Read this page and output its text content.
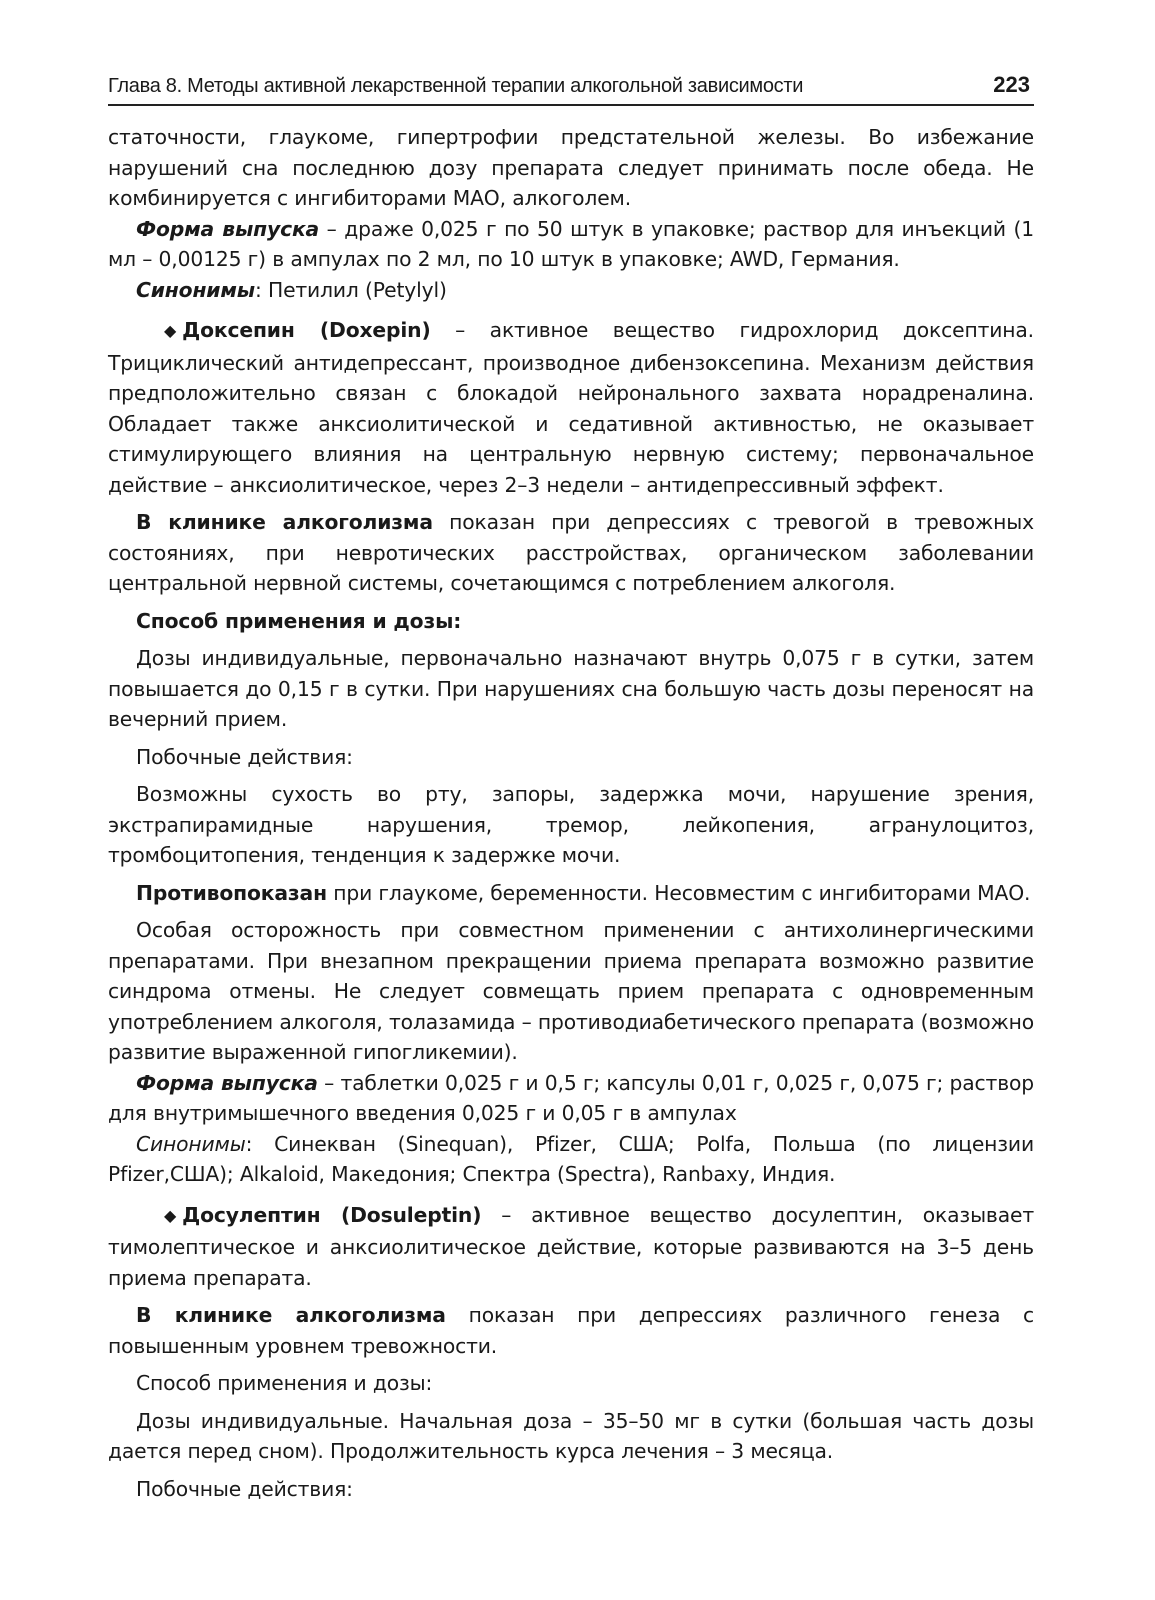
Глава 8. Методы активной лекарственной терапии алкогольной зависимости	223

статочности, глаукоме, гипертрофии предстательной железы. Во избежание нарушений сна последнюю дозу препарата следует принимать после обеда. Не комбинируется с ингибиторами МАО, алкоголем.

Форма выпуска – драже 0,025 г по 50 штук в упаковке; раствор для инъекций (1 мл – 0,00125 г) в ампулах по 2 мл, по 10 штук в упаковке; AWD, Германия.

Синонимы: Петилил (Petylyl)

◆ Доксепин (Doxepin) – активное вещество гидрохлорид доксептина. Трициклический антидепрессант, производное дибензоксепина. Механизм действия предположительно связан с блокадой нейронального захвата норадреналина. Обладает также анксиолитической и седативной активностью, не оказывает стимулирующего влияния на центральную нервную систему; первоначальное действие – анксиолитическое, через 2–3 недели – антидепрессивный эффект.

В клинике алкоголизма показан при депрессиях с тревогой в тревожных состояниях, при невротических расстройствах, органическом заболевании центральной нервной системы, сочетающимся с потреблением алкоголя.

Способ применения и дозы:

Дозы индивидуальные, первоначально назначают внутрь 0,075 г в сутки, затем повышается до 0,15 г в сутки. При нарушениях сна большую часть дозы переносят на вечерний прием.

Побочные действия:

Возможны сухость во рту, запоры, задержка мочи, нарушение зрения, экстрапирамидные нарушения, тремор, лейкопения, агранулоцитоз, тромбоцитопения, тенденция к задержке мочи.

Противопоказан при глаукоме, беременности. Несовместим с ингибиторами МАО.

Особая осторожность при совместном применении с антихолинергическими препаратами. При внезапном прекращении приема препарата возможно развитие синдрома отмены. Не следует совмещать прием препарата с одновременным употреблением алкоголя, толазамида – противодиабетического препарата (возможно развитие выраженной гипогликемии).

Форма выпуска – таблетки 0,025 г и 0,5 г; капсулы 0,01 г, 0,025 г, 0,075 г; раствор для внутримышечного введения 0,025 г и 0,05 г в ампулах

Синонимы: Синекван (Sinequan), Pfizer, США; Polfa, Польша (по лицензии Pfizer,США); Alkaloid, Македония; Спектра (Spectra), Ranbaxy, Индия.

◆ Досулептин (Dosuleptin) – активное вещество досулептин, оказывает тимолептическое и анксиолитическое действие, которые развиваются на 3–5 день приема препарата.

В клинике алкоголизма показан при депрессиях различного генеза с повышенным уровнем тревожности.

Способ применения и дозы:

Дозы индивидуальные. Начальная доза – 35–50 мг в сутки (большая часть дозы дается перед сном). Продолжительность курса лечения – 3 месяца.

Побочные действия:
